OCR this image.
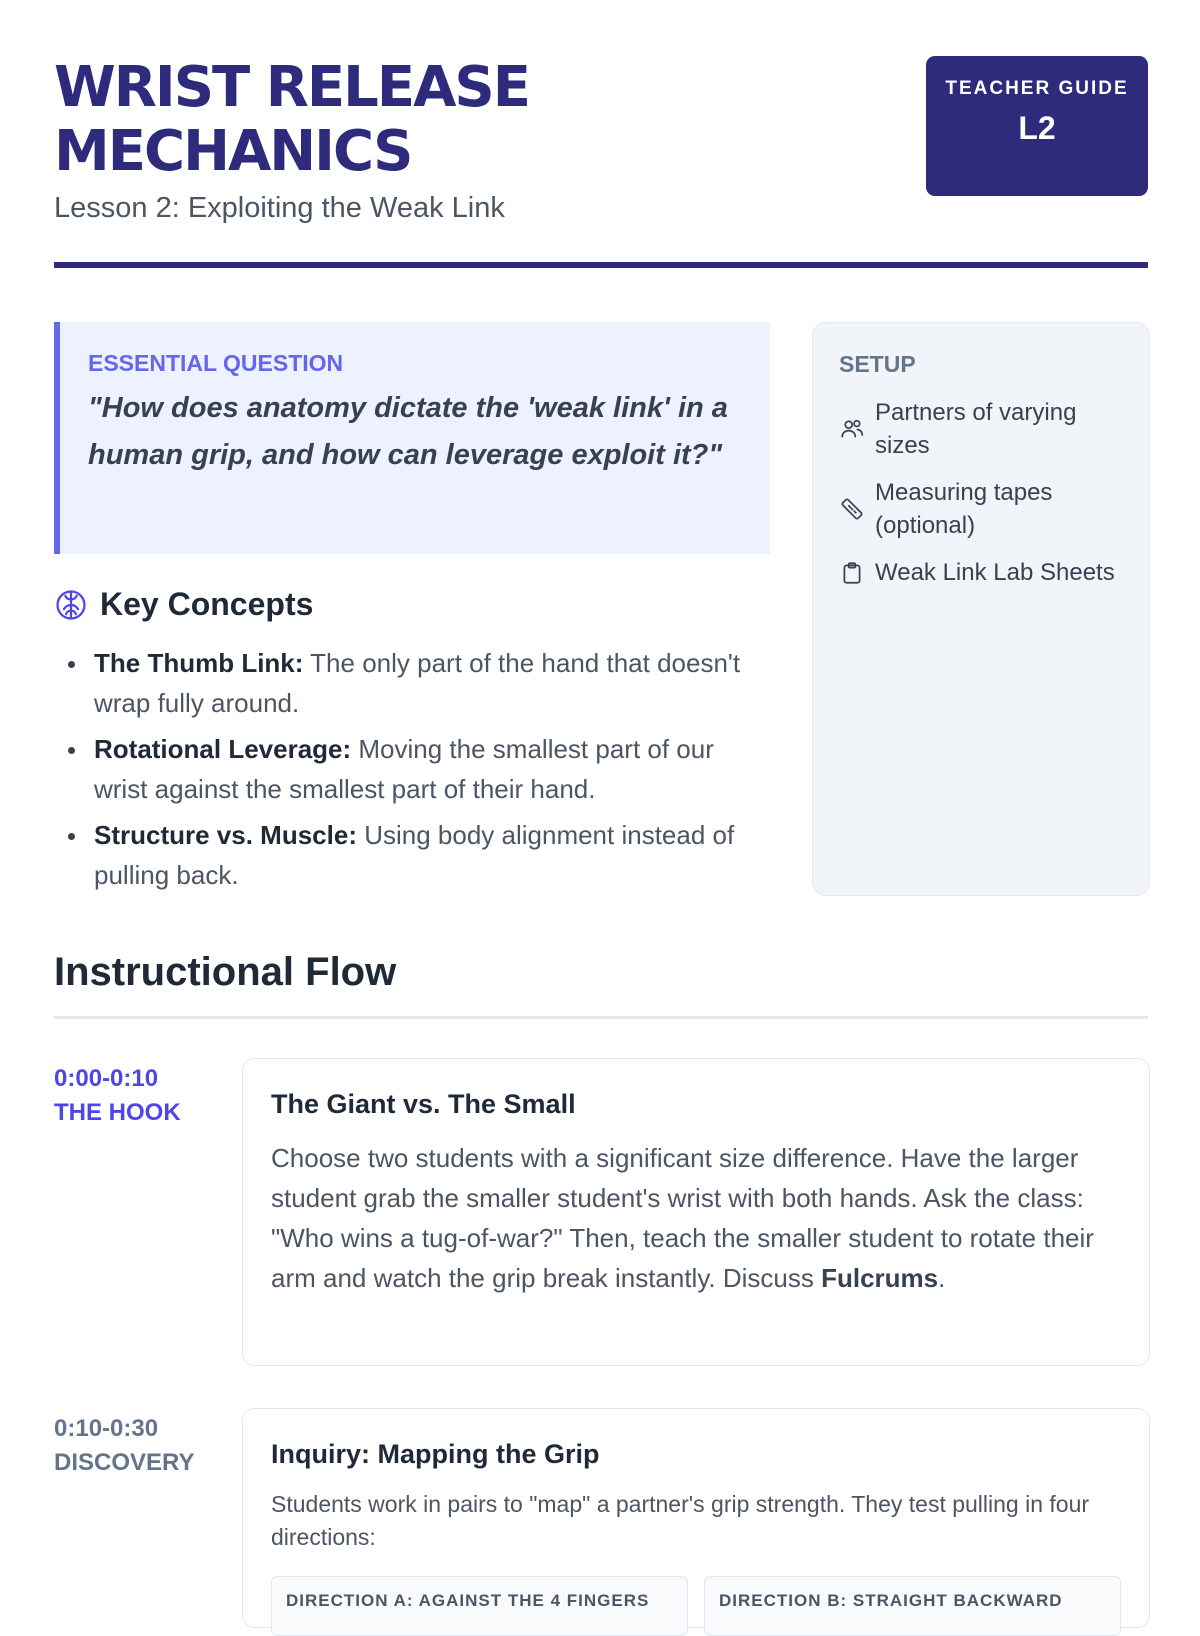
WRIST RELEASE MECHANICS
Lesson 2: Exploiting the Weak Link
TEACHER GUIDE
L2
ESSENTIAL QUESTION
"How does anatomy dictate the 'weak link' in a human grip, and how can leverage exploit it?"
SETUP
Partners of varying sizes
Measuring tapes (optional)
Weak Link Lab Sheets
Key Concepts
The Thumb Link: The only part of the hand that doesn't wrap fully around.
Rotational Leverage: Moving the smallest part of our wrist against the smallest part of their hand.
Structure vs. Muscle: Using body alignment instead of pulling back.
Instructional Flow
0:00-0:10
THE HOOK	The Giant vs. The Small

Choose two students with a significant size difference. Have the larger student grab the smaller student's wrist with both hands. Ask the class: "Who wins a tug-of-war?" Then, teach the smaller student to rotate their arm and watch the grip break instantly. Discuss Fulcrums.

0:10-0:30
DISCOVERY	Inquiry: Mapping the Grip

Students work in pairs to "map" a partner's grip strength. They test pulling in four directions:

DIRECTION A: AGAINST THE 4 FINGERS	DIRECTION B: STRAIGHT BACKWARD
